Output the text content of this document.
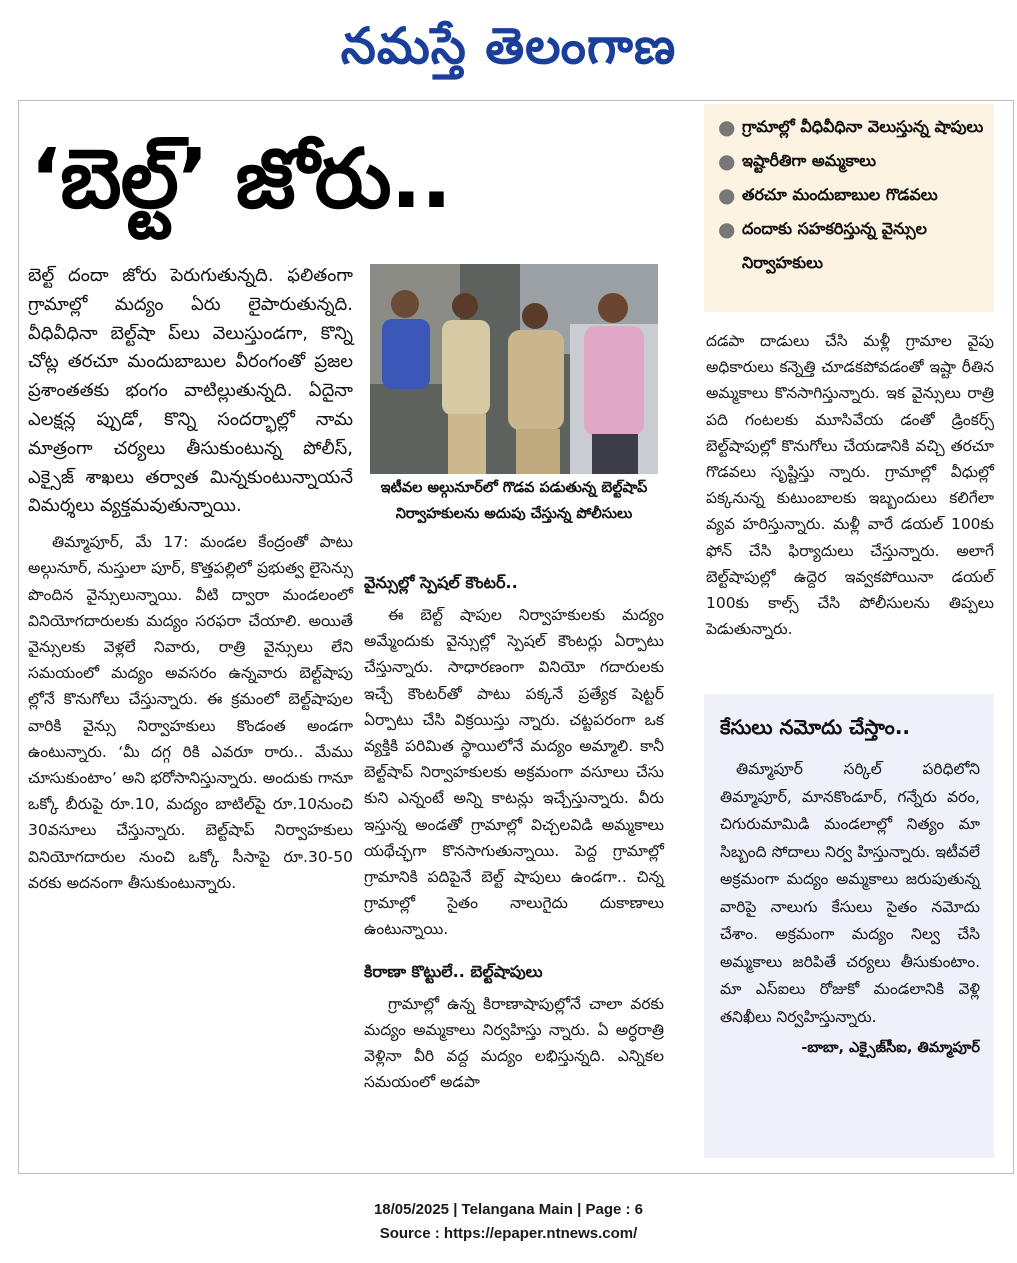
నమస్తే తెలంగాణ
‘బెల్ట్‌’ జోరు..

బెల్ట్‌ దందా జోరు పెరుగుతున్నది. ఫలితంగా గ్రామాల్లో మద్యం ఏరు లైపారుతున్నది. వీధివీధినా బెల్ట్‌షా ప్‌లు వెలుస్తుండగా, కొన్ని చోట్ల తరచూ మందుబాబుల వీరంగంతో ప్రజల ప్రశాంతతకు భంగం వాటిల్లుతున్నది. ఏదైనా ఎలక్షన్ల ప్పుడో, కొన్ని సందర్భాల్లో నామ మాత్రంగా చర్యలు తీసుకుంటున్న పోలీస్‌, ఎక్సైజ్‌ శాఖలు తర్వాత మిన్నకుంటున్నాయనే విమర్శలు వ్యక్తమవుతున్నాయి.

తిమ్మాపూర్‌, మే 17: మండల కేంద్రంతో పాటు అల్గునూర్‌, నుస్తులా పూర్‌, కొత్తపల్లిలో ప్రభుత్వ లైసెన్సు పొందిన వైన్సులున్నాయి. వీటి ద్వారా మండలంలో వినియోగదారులకు మద్యం సరఫరా చేయాలి. అయితే వైన్సులకు వెళ్లలే నివారు, రాత్రి వైన్సులు లేని సమయంలో మద్యం అవసరం ఉన్నవారు బెల్ట్‌షాపు ల్లోనే కొనుగోలు చేస్తున్నారు. ఈ క్రమంలో బెల్ట్‌షాపుల వారికి వైన్సు నిర్వాహకులు కొండంత అండగా ఉంటున్నారు. ‘మీ దగ్గ రికి ఎవరూ రారు.. మేము చూసుకుంటాం’ అని భరోసానిస్తున్నారు. అందుకు గానూ ఒక్కో బీరుపై రూ.10, మద్యం బాటిల్‌పై రూ.10నుంచి 30వసూలు చేస్తున్నారు. బెల్ట్‌షాప్‌ నిర్వాహకులు వినియోగదారుల నుంచి ఒక్కో సీసాపై రూ.30-50 వరకు అదనంగా తీసుకుంటున్నారు.

ఇటీవల అల్గునూర్‌లో గొడవ పడుతున్న బెల్ట్‌షాప్‌ నిర్వాహకులను అదుపు చేస్తున్న పోలీసులు

వైన్సుల్లో స్పెషల్‌ కౌంటర్‌..

ఈ బెల్ట్‌ షాపుల నిర్వాహకులకు మద్యం అమ్మేందుకు వైన్సుల్లో స్పెషల్‌ కౌంటర్లు ఏర్పాటు చేస్తున్నారు. సాధారణంగా వినియో గదారులకు ఇచ్చే కౌంటర్‌తో పాటు పక్కనే ప్రత్యేక షెట్టర్‌ ఏర్పాటు చేసి విక్రయిస్తు న్నారు. చట్టపరంగా ఒక వ్యక్తికి పరిమిత స్థాయిలోనే మద్యం అమ్మాలి. కానీ బెల్ట్‌షాప్‌ నిర్వాహకులకు అక్రమంగా వసూలు చేసు కుని ఎన్నంటే అన్ని కాటన్లు ఇచ్చేస్తున్నారు. వీరు ఇస్తున్న అండతో గ్రామాల్లో విచ్చలవిడి అమ్మకాలు యథేచ్ఛగా కొనసాగుతున్నాయి. పెద్ద గ్రామాల్లో గ్రామానికి పదిపైనే బెల్ట్‌ షాపులు ఉండగా.. చిన్న గ్రామాల్లో సైతం నాలుగైదు దుకాణాలు ఉంటున్నాయి.

కిరాణా కొట్టులే.. బెల్ట్‌షాపులు

గ్రామాల్లో ఉన్న కిరాణాషాపుల్లోనే చాలా వరకు మద్యం అమ్మకాలు నిర్వహిస్తు న్నారు. ఏ అర్ధరాత్రి వెళ్లినా వీరి వద్ద మద్యం లభిస్తున్నది. ఎన్నికల సమయంలో అడపా

● గ్రామాల్లో వీధివీధినా వెలుస్తున్న షాపులు
● ఇష్టారీతిగా అమ్మకాలు
● తరచూ మందుబాబుల గొడవలు
● దందాకు సహకరిస్తున్న వైన్సుల నిర్వాహకులు

దడపా దాడులు చేసి మళ్లీ గ్రామాల వైపు అధికారులు కన్నెత్తి చూడకపోవడంతో ఇష్టా రీతిన అమ్మకాలు కొనసాగిస్తున్నారు. ఇక వైన్సులు రాత్రి పది గంటలకు మూసివేయ డంతో డ్రింకర్స్‌ బెల్ట్‌షాపుల్లో కొనుగోలు చేయడానికి వచ్చి తరచూ గొడవలు సృష్టిస్తు న్నారు. గ్రామాల్లో వీధుల్లో పక్కనున్న కుటుంబాలకు ఇబ్బందులు కలిగేలా వ్యవ హరిస్తున్నారు. మళ్లీ వారే డయల్‌ 100కు ఫోన్‌ చేసి ఫిర్యాదులు చేస్తున్నారు. అలాగే బెల్ట్‌షాపుల్లో ఉద్దెర ఇవ్వకపోయినా డయల్‌ 100కు కాల్స్‌ చేసి పోలీసులను తిప్పలు పెడుతున్నారు.

కేసులు నమోదు చేస్తాం..

తిమ్మాపూర్‌ సర్కిల్‌ పరిధిలోని తిమ్మాపూర్‌, మానకొండూర్‌, గన్నేరు వరం, చిగురుమామిడి మండలాల్లో నిత్యం మా సిబ్బంది సోదాలు నిర్వ హిస్తున్నారు. ఇటీవలే అక్రమంగా మద్యం అమ్మకాలు జరుపుతున్న వారిపై నాలుగు కేసులు సైతం నమోదు చేశాం. అక్రమంగా మద్యం నిల్వ చేసి అమ్మకాలు జరిపితే చర్యలు తీసుకుంటాం. మా ఎస్‌ఐలు రోజుకో మండలానికి వెళ్లి తనిఖీలు నిర్వహిస్తున్నారు.

-బాబా, ఎక్సైజ్‌సీఐ, తిమ్మాపూర్‌
18/05/2025 | Telangana Main | Page : 6
Source : https://epaper.ntnews.com/
